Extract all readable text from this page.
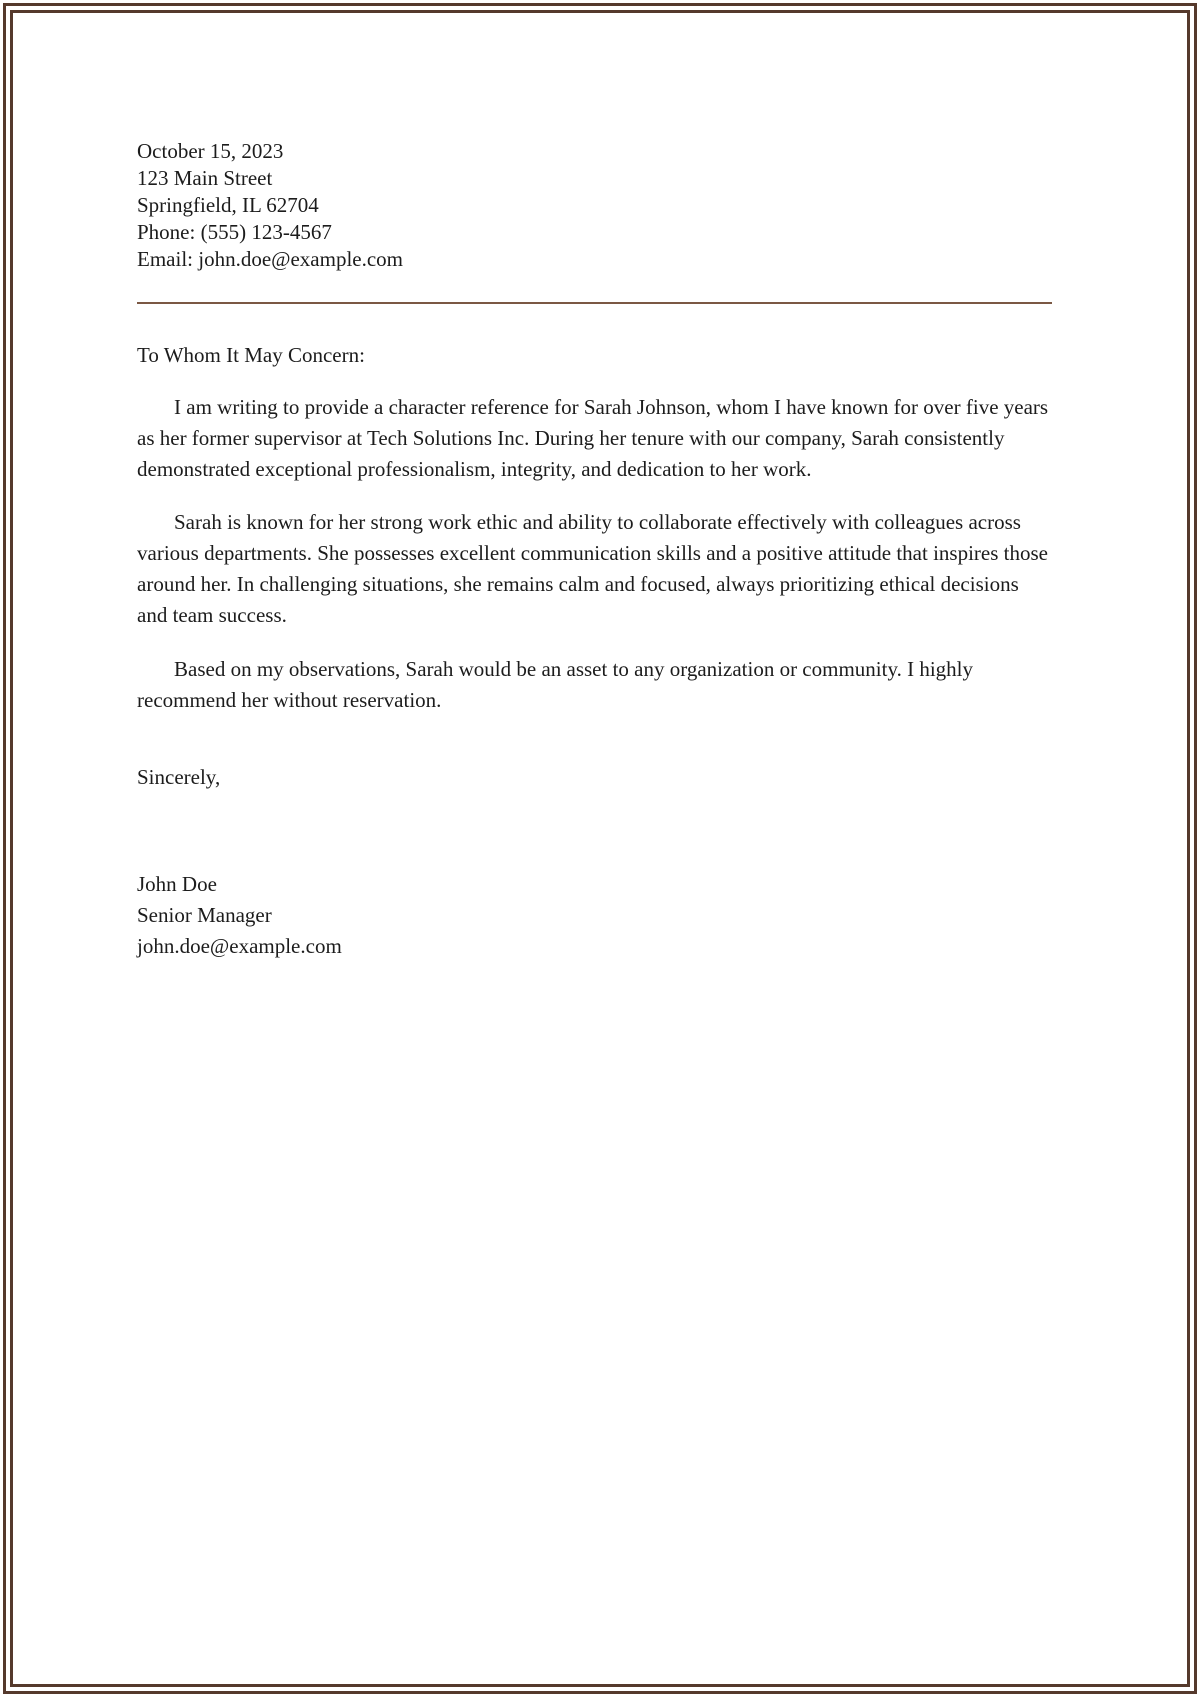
October 15, 2023
123 Main Street
Springfield, IL 62704
Phone: (555) 123-4567
Email: john.doe@example.com
To Whom It May Concern:

I am writing to provide a character reference for Sarah Johnson, whom I have known for over five years as her former supervisor at Tech Solutions Inc. During her tenure with our company, Sarah consistently demonstrated exceptional professionalism, integrity, and dedication to her work.

Sarah is known for her strong work ethic and ability to collaborate effectively with colleagues across various departments. She possesses excellent communication skills and a positive attitude that inspires those around her. In challenging situations, she remains calm and focused, always prioritizing ethical decisions and team success.

Based on my observations, Sarah would be an asset to any organization or community. I highly recommend her without reservation.

Sincerely,
John Doe
Senior Manager
john.doe@example.com
